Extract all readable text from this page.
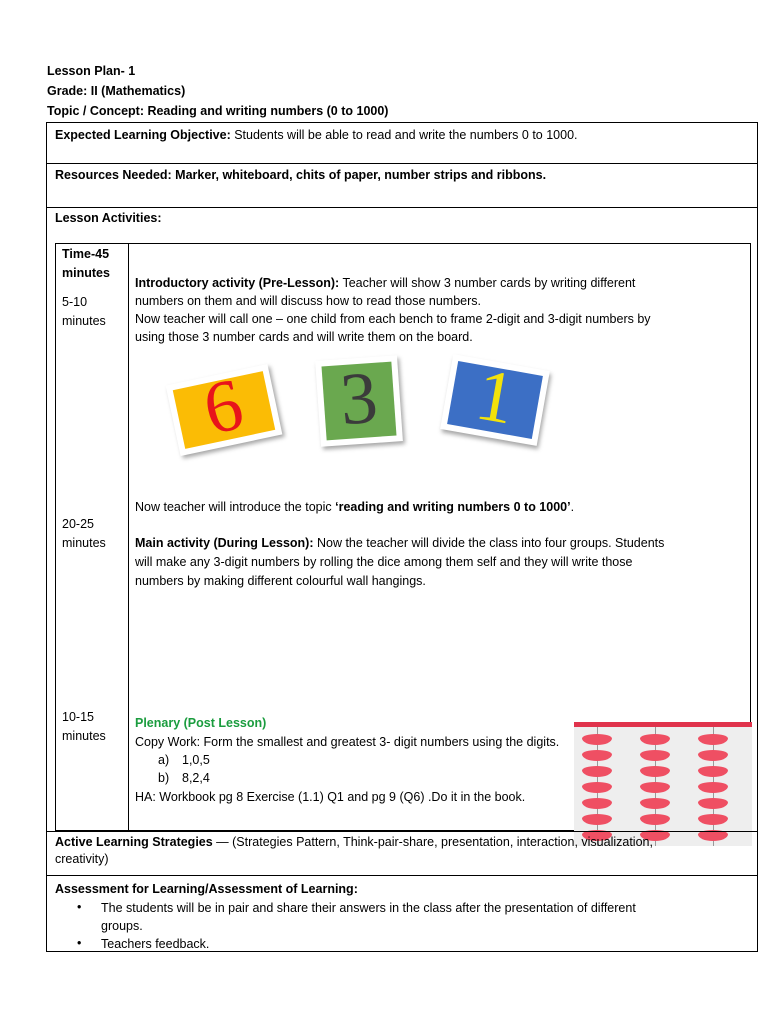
Lesson Plan- 1
Grade: II (Mathematics)
Topic / Concept: Reading and writing numbers (0 to 1000)
Expected Learning Objective: Students will be able to read and write the numbers 0 to 1000.
Resources Needed: Marker, whiteboard, chits of paper, number strips and ribbons.
Lesson Activities:
Time-45
minutes
5-10
minutes
20-25
minutes
10-15
minutes
Introductory activity (Pre-Lesson): Teacher will show 3 number cards by writing different
numbers on them and will discuss how to read those numbers.
Now teacher will call one – one child from each bench to frame 2-digit and 3-digit numbers by
using those 3 number cards and will write them on the board.
6	3	1
Now teacher will introduce the topic ‘reading and writing numbers 0 to 1000’.
Main activity (During Lesson): Now the teacher will divide the class into four groups. Students
will make any 3-digit numbers by rolling the dice among them self and they will write those
numbers by making different colourful wall hangings.
Plenary (Post Lesson)
Copy Work: Form the smallest and greatest 3- digit numbers using the digits.
a) 1,0,5
b) 8,2,4
HA: Workbook pg 8 Exercise (1.1) Q1 and pg 9 (Q6) .Do it in the book.
Active Learning Strategies — (Strategies Pattern, Think-pair-share, presentation, interaction, visualization,
creativity)
Assessment for Learning/Assessment of Learning:
• The students will be in pair and share their answers in the class after the presentation of different
groups.
• Teachers feedback.
